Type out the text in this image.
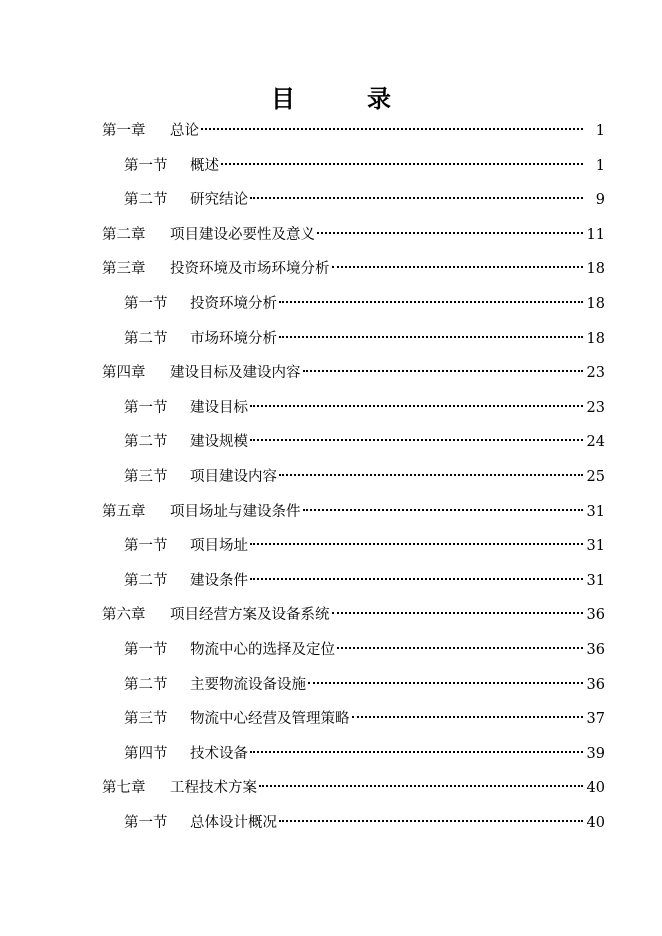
目　录
第一章 总论	1
第一节 概述	1
第二节 研究结论	9
第二章 项目建设必要性及意义	11
第三章 投资环境及市场环境分析	18
第一节 投资环境分析	18
第二节 市场环境分析	18
第四章 建设目标及建设内容	23
第一节 建设目标	23
第二节 建设规模	24
第三节 项目建设内容	25
第五章 项目场址与建设条件	31
第一节 项目场址	31
第二节 建设条件	31
第六章 项目经营方案及设备系统	36
第一节 物流中心的选择及定位	36
第二节 主要物流设备设施	36
第三节 物流中心经营及管理策略	37
第四节 技术设备	39
第七章 工程技术方案	40
第一节 总体设计概况	40
